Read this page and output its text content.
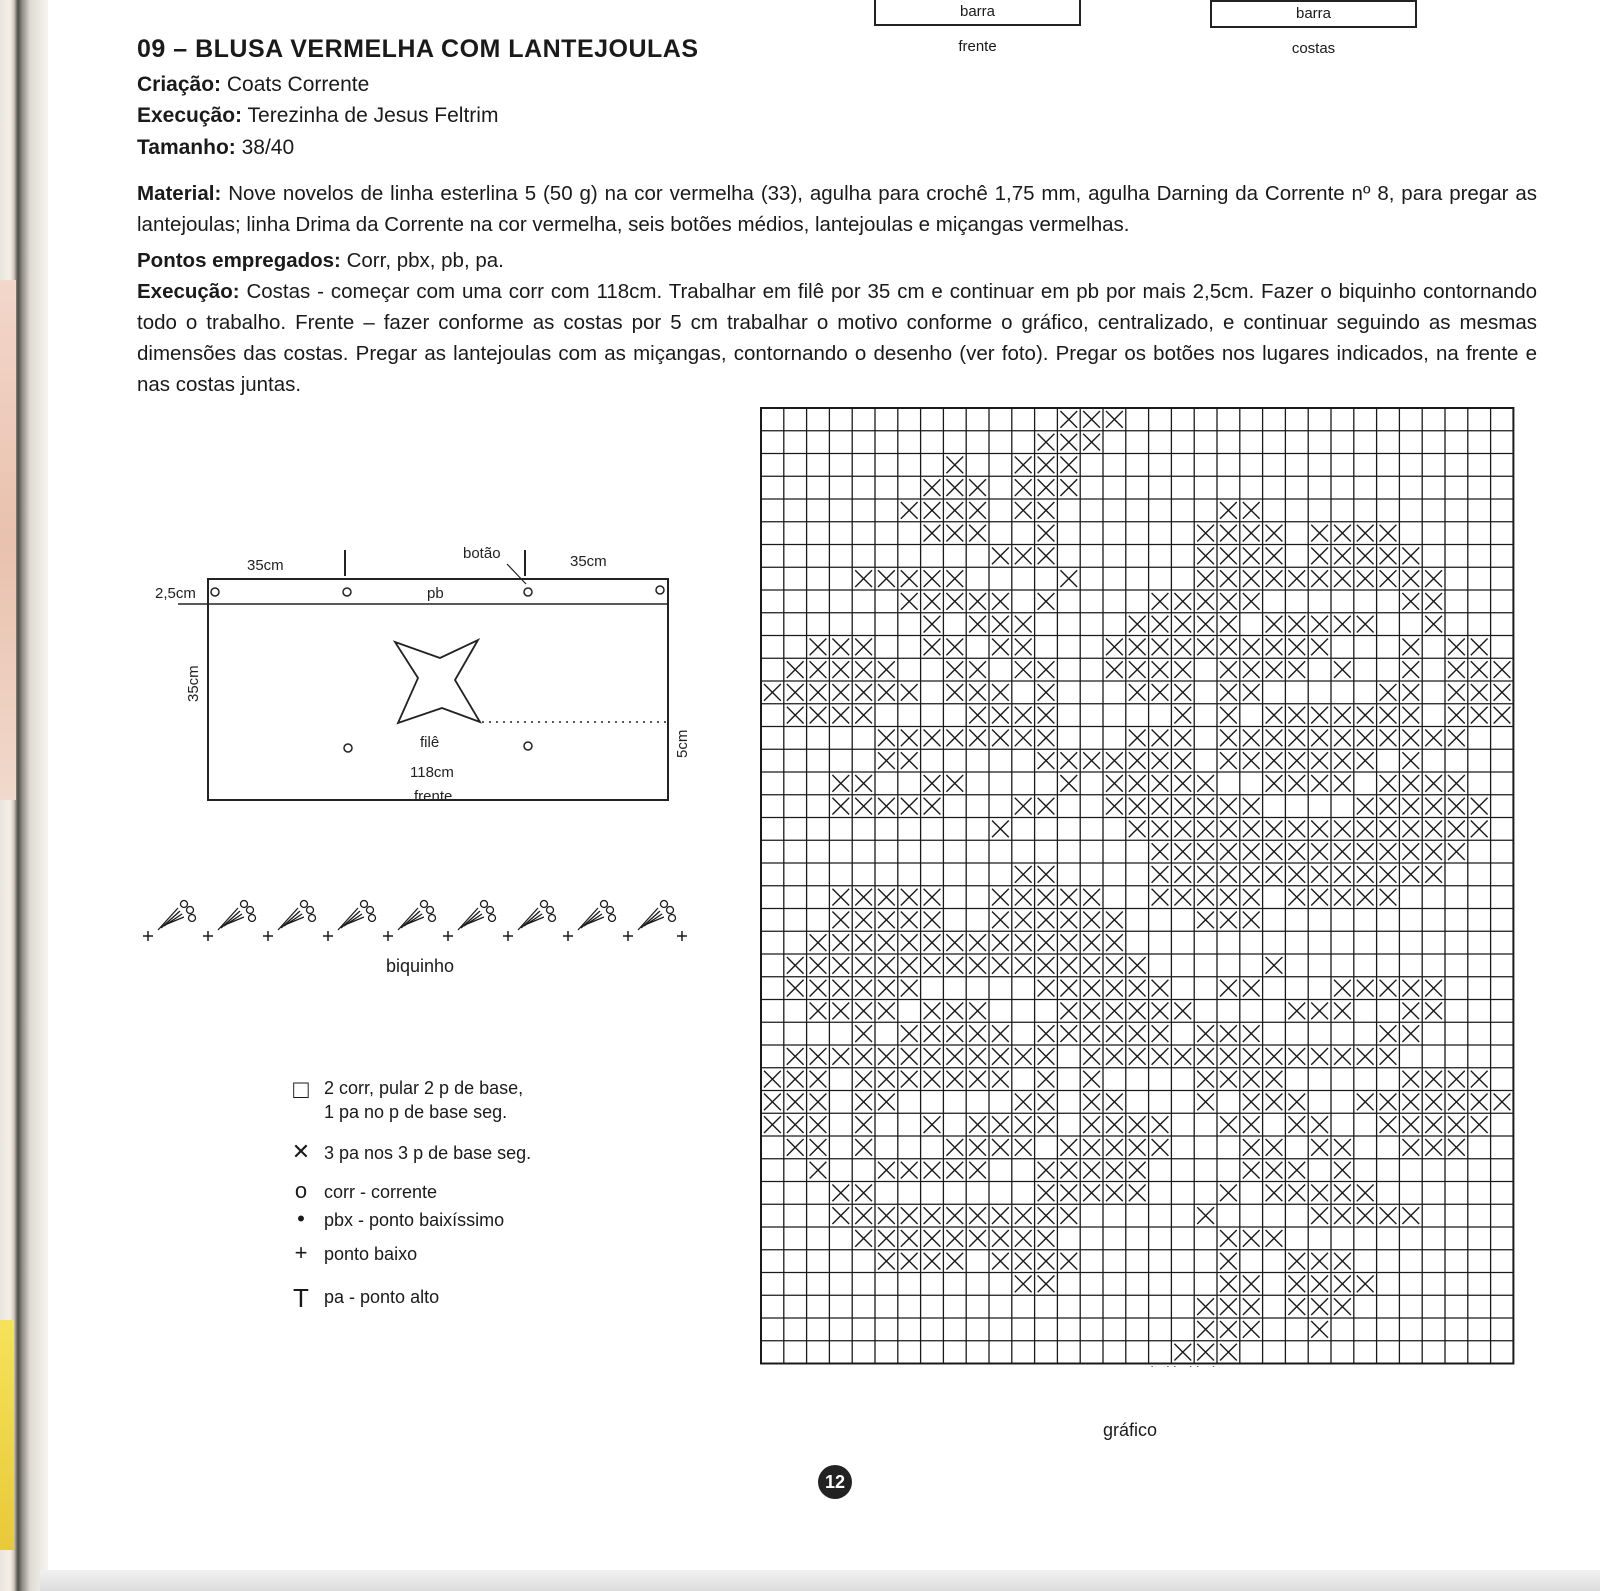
barra
frente
barra
costas
09 – BLUSA VERMELHA COM LANTEJOULAS
Criação: Coats Corrente
Execução: Terezinha de Jesus Feltrim
Tamanho: 38/40
Material: Nove novelos de linha esterlina 5 (50 g) na cor vermelha (33), agulha para crochê 1,75 mm, agulha Darning da Corrente nº 8, para pregar as lantejoulas; linha Drima da Corrente na cor vermelha, seis botões médios, lantejoulas e miçangas vermelhas.
Pontos empregados: Corr, pbx, pb, pa.
Execução: Costas - começar com uma corr com 118cm. Trabalhar em filê por 35 cm e continuar em pb por mais 2,5cm. Fazer o biquinho contornando todo o trabalho. Frente – fazer conforme as costas por 5 cm trabalhar o motivo conforme o gráfico, centralizado, e continuar seguindo as mesmas dimensões das costas. Pregar as lantejoulas com as miçangas, contornando o desenho (ver foto). Pregar os botões nos lugares indicados, na frente e nas costas juntas.
35cm	35cm
botão
2,5cm	pb
35cm
5cm
filê
118cm
frente
biquinho
□ 2 corr, pular 2 p de base,
1 pa no p de base seg.
✕ 3 pa nos 3 p de base seg.
o corr - corrente
•	pbx - ponto baixíssimo
+ ponto baixo
T pa - ponto alto
gráfico
12
